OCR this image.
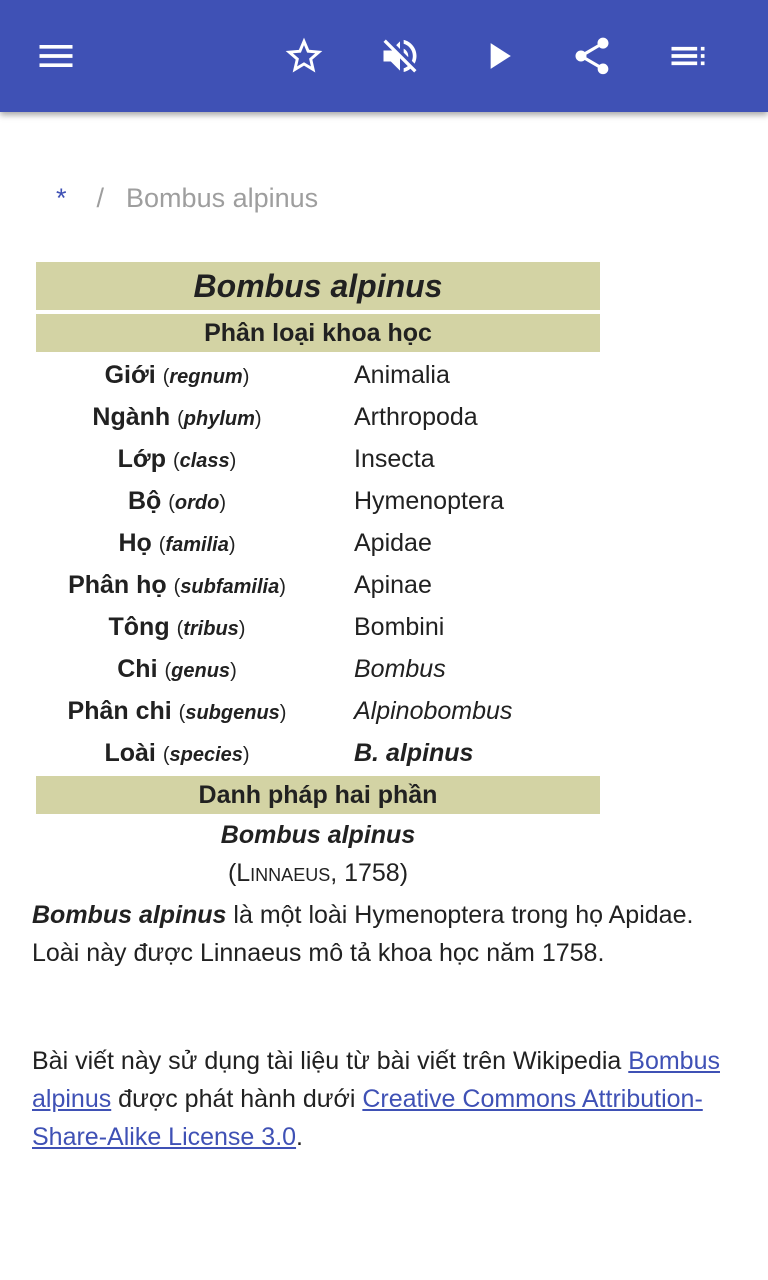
* / Bombus alpinus
Bombus alpinus
Phân loại khoa học
Giới (regnum)	Animalia
Ngành (phylum)	Arthropoda
Lớp (class)	Insecta
Bộ (ordo)	Hymenoptera
Họ (familia)	Apidae
Phân họ (subfamilia)	Apinae
Tông (tribus)	Bombini
Chi (genus)	Bombus
Phân chi (subgenus)	Alpinobombus
Loài (species)	B. alpinus
Danh pháp hai phần
Bombus alpinus
(Linnaeus, 1758)
Bombus alpinus là một loài Hymenoptera trong họ Apidae. Loài này được Linnaeus mô tả khoa học năm 1758.
Bài viết này sử dụng tài liệu từ bài viết trên Wikipedia Bombus alpinus được phát hành dưới Creative Commons Attribution-Share-Alike License 3.0.
